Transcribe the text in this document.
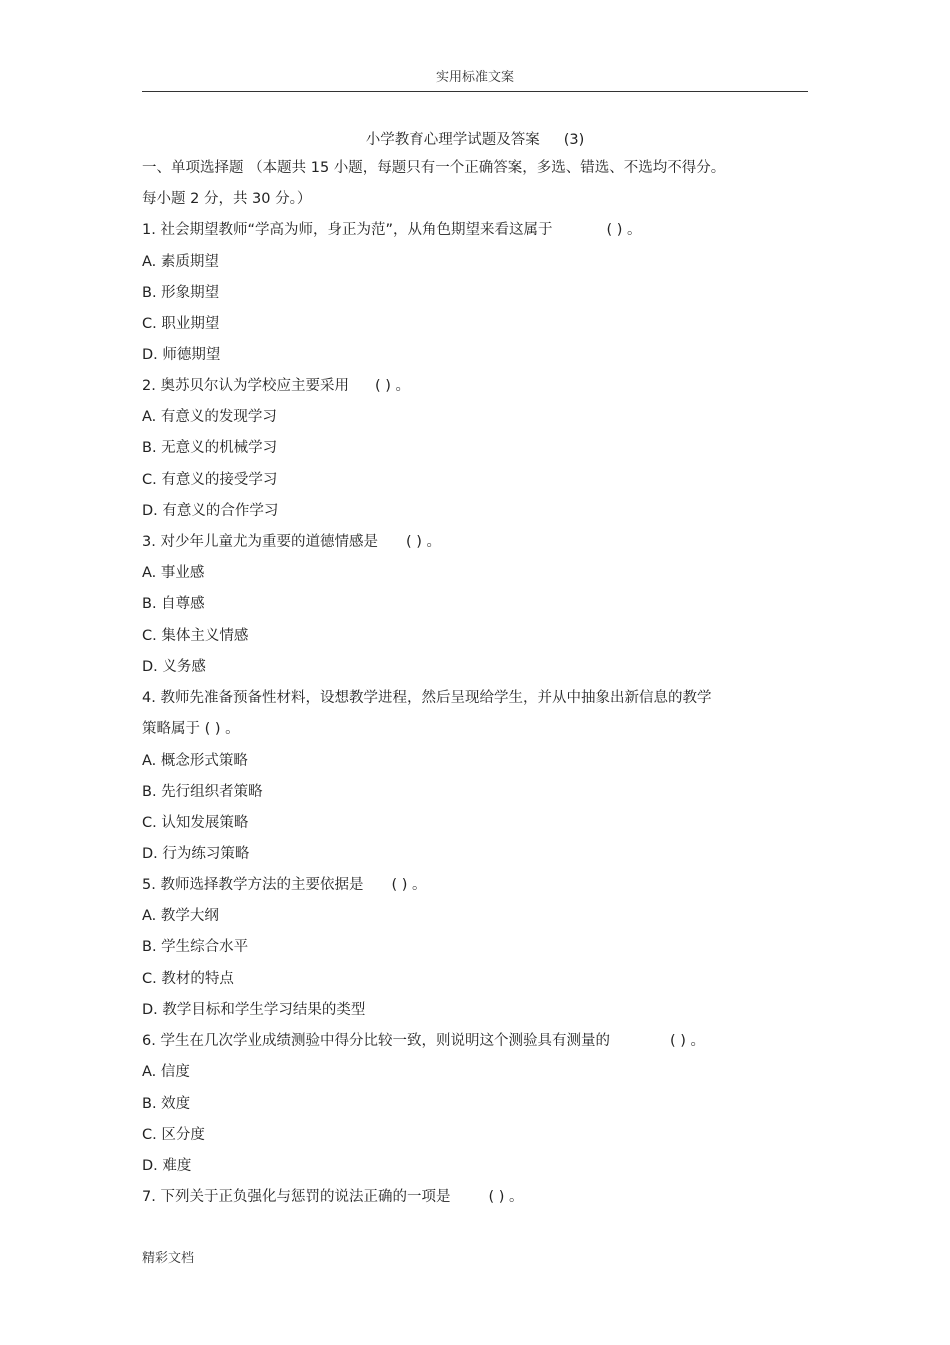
实用标准文案
小学教育心理学试题及答案 (3)
一、单项选择题 （本题共 15 小题，每题只有一个正确答案，多选、错选、不选均不得分。
每小题 2 分，共 30 分。）
1. 社会期望教师“学高为师，身正为范”，从角色期望来看这属于	( ) 。
A. 素质期望
B. 形象期望
C. 职业期望
D. 师德期望
2. 奥苏贝尔认为学校应主要采用 ( ) 。
A. 有意义的发现学习
B. 无意义的机械学习
C. 有意义的接受学习
D. 有意义的合作学习
3. 对少年儿童尤为重要的道德情感是 ( ) 。
A. 事业感
B. 自尊感
C. 集体主义情感
D. 义务感
4. 教师先准备预备性材料，设想教学进程，然后呈现给学生，并从中抽象出新信息的教学
策略属于 ( ) 。
A. 概念形式策略
B. 先行组织者策略
C. 认知发展策略
D. 行为练习策略
5. 教师选择教学方法的主要依据是 ( ) 。
A. 教学大纲
B. 学生综合水平
C. 教材的特点
D. 教学目标和学生学习结果的类型
6. 学生在几次学业成绩测验中得分比较一致，则说明这个测验具有测量的	( ) 。
A. 信度
B. 效度
C. 区分度
D. 难度
7. 下列关于正负强化与惩罚的说法正确的一项是	( ) 。
精彩文档
